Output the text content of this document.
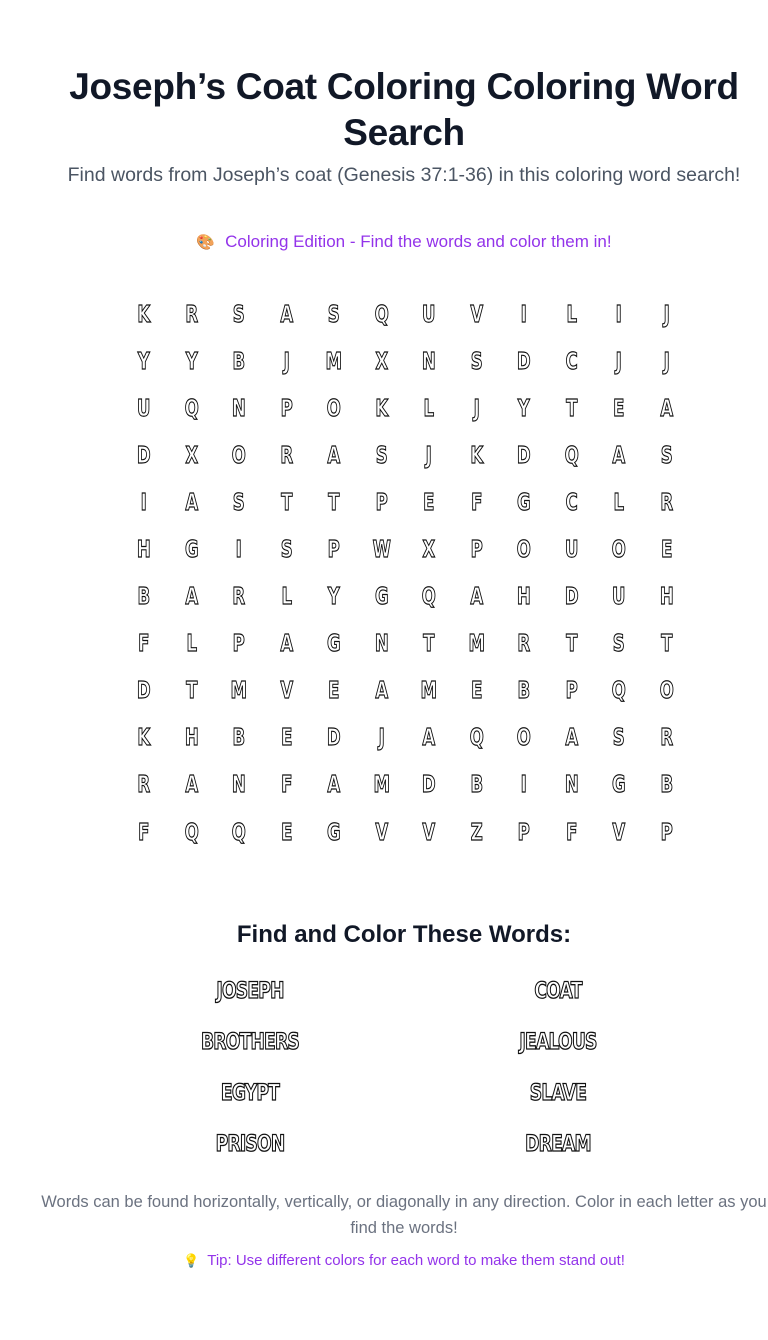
Joseph’s Coat Coloring Coloring Word Search
Find words from Joseph’s coat (Genesis 37:1-36) in this coloring word search!
🎨 Coloring Edition - Find the words and color them in!
K	R	S	A	S	Q	U	V	I	L	I	J
Y	Y	B	J	M	X	N	S	D	C	J	J
U	Q	N	P	O	K	L	J	Y	T	E	A
D	X	O	R	A	S	J	K	D	Q	A	S
I	A	S	T	T	P	E	F	G	C	L	R
H	G	I	S	P	W	X	P	O	U	O	E
B	A	R	L	Y	G	Q	A	H	D	U	H
F	L	P	A	G	N	T	M	R	T	S	T
D	T	M	V	E	A	M	E	B	P	Q	O
K	H	B	E	D	J	A	Q	O	A	S	R
R	A	N	F	A	M	D	B	I	N	G	B
F	Q	Q	E	G	V	V	Z	P	F	V	P
Find and Color These Words:
JOSEPH	COAT
BROTHERS	JEALOUS
EGYPT	SLAVE
PRISON	DREAM
Words can be found horizontally, vertically, or diagonally in any direction. Color in each letter as you find the words!
💡 Tip: Use different colors for each word to make them stand out!
